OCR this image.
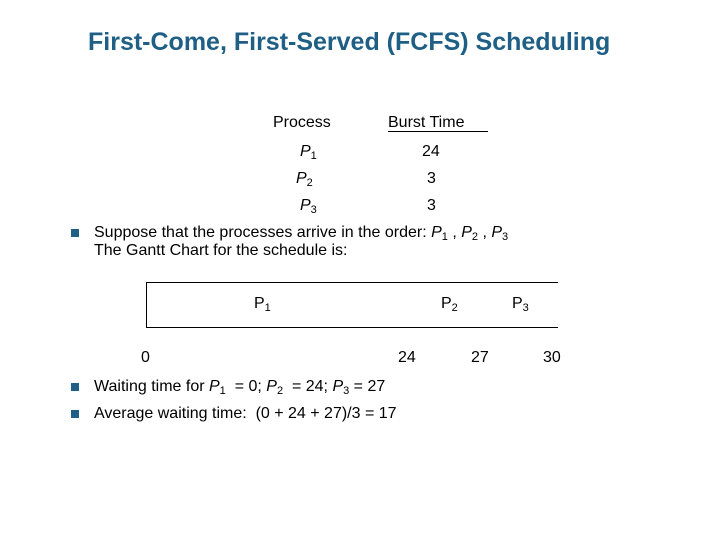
First-Come, First-Served (FCFS) Scheduling
Process	Burst Time
$P_1$	24
$P_2$	3
$P_3$	3
Suppose that the processes arrive in the order: $P_1$ , $P_2$ , $P_3$
The Gantt Chart for the schedule is:
$P_1$	$P_2$	$P_3$
0	24	27	30
Waiting time for $P_1 = 0$; $P_2 = 24$; $P_3 = 27$
Average waiting time:  (0 + 24 + 27)/3 = 17
